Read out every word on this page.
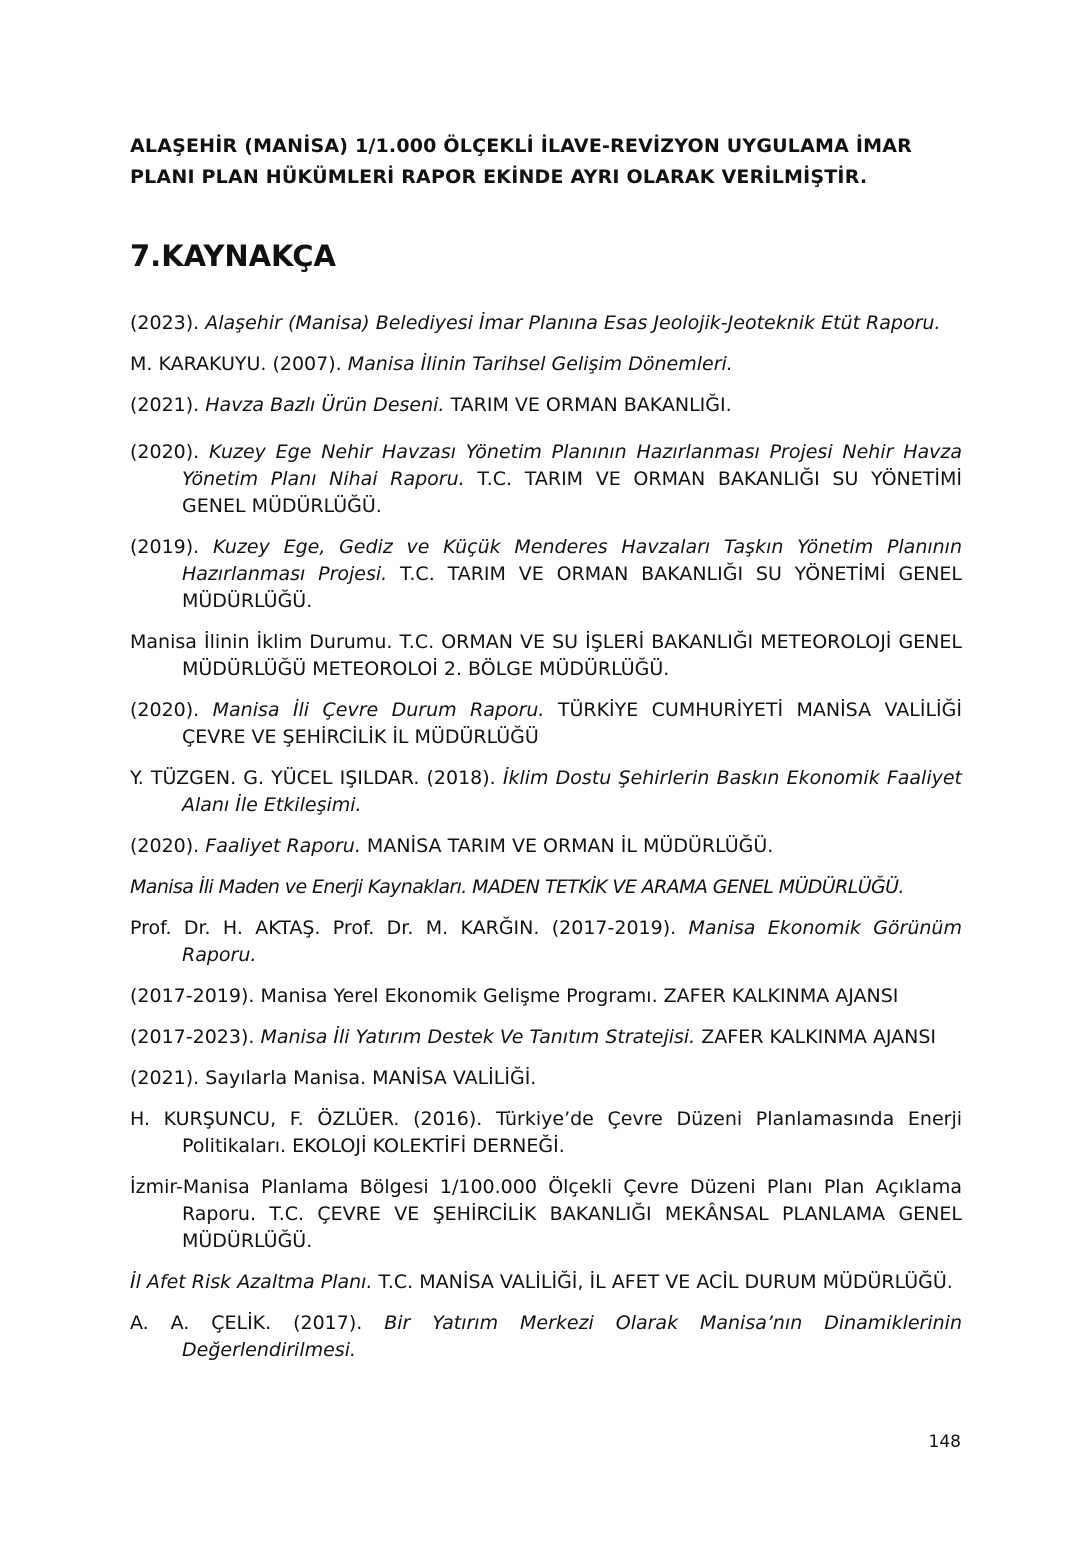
ALAŞEHİR (MANİSA) 1/1.000 ÖLÇEKLİ İLAVE-REVİZYON UYGULAMA İMAR
PLANI PLAN HÜKÜMLERİ RAPOR EKİNDE AYRI OLARAK VERİLMİŞTİR.
7.KAYNAKÇA

(2023). Alaşehir (Manisa) Belediyesi İmar Planına Esas Jeolojik-Jeoteknik Etüt Raporu.

M. KARAKUYU. (2007). Manisa İlinin Tarihsel Gelişim Dönemleri.

(2021). Havza Bazlı Ürün Deseni. TARIM VE ORMAN BAKANLIĞI.

(2020). Kuzey Ege Nehir Havzası Yönetim Planının Hazırlanması Projesi Nehir Havza Yönetim Planı Nihai Raporu. T.C. TARIM VE ORMAN BAKANLIĞI SU YÖNETİMİ GENEL MÜDÜRLÜĞÜ.

(2019). Kuzey Ege, Gediz ve Küçük Menderes Havzaları Taşkın Yönetim Planının Hazırlanması Projesi. T.C. TARIM VE ORMAN BAKANLIĞI SU YÖNETİMİ GENEL MÜDÜRLÜĞÜ.

Manisa İlinin İklim Durumu. T.C. ORMAN VE SU İŞLERİ BAKANLIĞI METEOROLOJİ GENEL MÜDÜRLÜĞÜ METEOROLOİ 2. BÖLGE MÜDÜRLÜĞÜ.

(2020). Manisa İli Çevre Durum Raporu. TÜRKİYE CUMHURİYETİ MANİSA VALİLİĞİ ÇEVRE VE ŞEHİRCİLİK İL MÜDÜRLÜĞÜ

Y. TÜZGEN. G. YÜCEL IŞILDAR. (2018). İklim Dostu Şehirlerin Baskın Ekonomik Faaliyet Alanı İle Etkileşimi.

(2020). Faaliyet Raporu. MANİSA TARIM VE ORMAN İL MÜDÜRLÜĞÜ.

Manisa İli Maden ve Enerji Kaynakları. MADEN TETKİK VE ARAMA GENEL MÜDÜRLÜĞÜ.

Prof. Dr. H. AKTAŞ. Prof. Dr. M. KARĞIN. (2017-2019). Manisa Ekonomik Görünüm Raporu.

(2017-2019). Manisa Yerel Ekonomik Gelişme Programı. ZAFER KALKINMA AJANSI

(2017-2023). Manisa İli Yatırım Destek Ve Tanıtım Stratejisi. ZAFER KALKINMA AJANSI

(2021). Sayılarla Manisa. MANİSA VALİLİĞİ.

H. KURŞUNCU, F. ÖZLÜER. (2016). Türkiye’de Çevre Düzeni Planlamasında Enerji Politikaları. EKOLOJİ KOLEKTİFİ DERNEĞİ.

İzmir-Manisa Planlama Bölgesi 1/100.000 Ölçekli Çevre Düzeni Planı Plan Açıklama Raporu. T.C. ÇEVRE VE ŞEHİRCİLİK BAKANLIĞI MEKÂNSAL PLANLAMA GENEL MÜDÜRLÜĞÜ.

İl Afet Risk Azaltma Planı. T.C. MANİSA VALİLİĞİ, İL AFET VE ACİL DURUM MÜDÜRLÜĞÜ.

A. A. ÇELİK. (2017). Bir Yatırım Merkezi Olarak Manisa’nın Dinamiklerinin Değerlendirilmesi.

148
